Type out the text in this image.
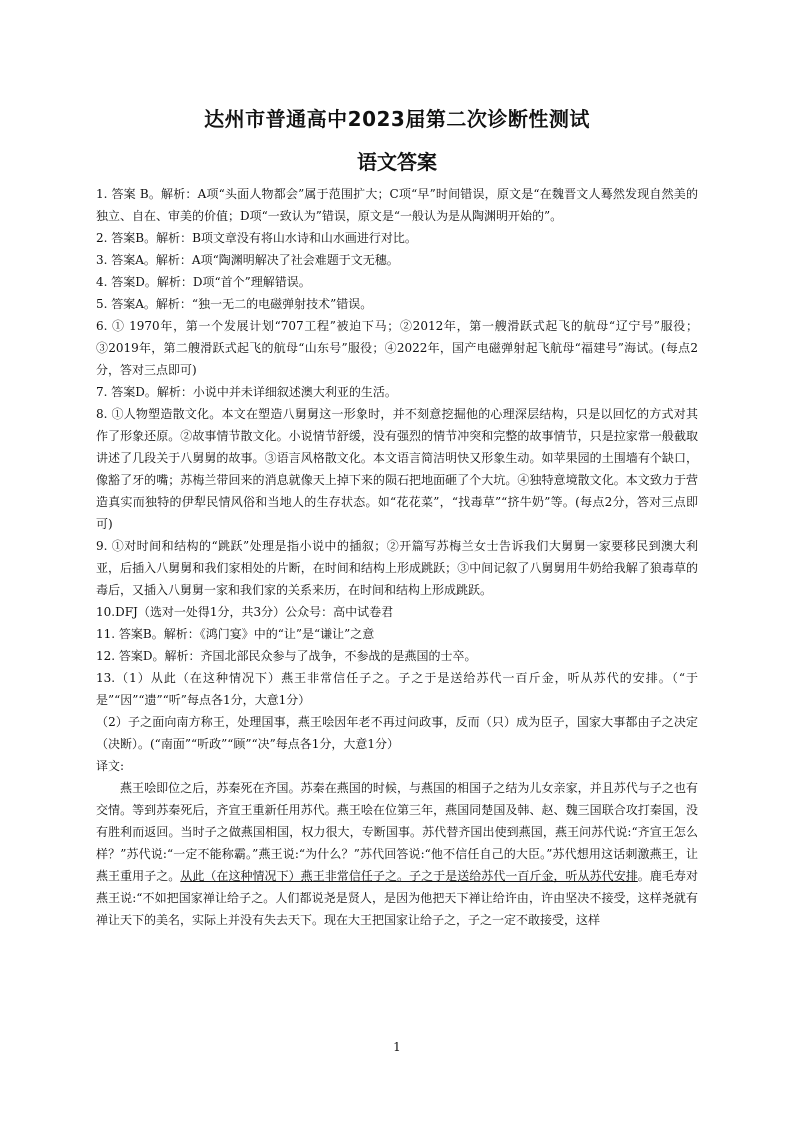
达州市普通高中2023届第二次诊断性测试
语文答案

1. 答案 B。解析：A项“头面人物都会”属于范围扩大；C项“早”时间错误，原文是“在魏晋文人蓦然发现自然美的独立、自在、审美的价值；D项“一致认为”错误，原文是“一般认为是从陶渊明开始的”。

2. 答案B。解析：B项文章没有将山水诗和山水画进行对比。

3. 答案A。解析：A项“陶渊明解决了社会难题于文无穗。

4. 答案D。解析：D项“首个”理解错误。

5. 答案A。解析：“独一无二的电磁弹射技术”错误。

6. ① 1970年，第一个发展计划“707工程”被迫下马；②2012年，第一艘滑跃式起飞的航母“辽宁号”服役；③2019年，第二艘滑跃式起飞的航母“山东号”服役；④2022年，国产电磁弹射起飞航母“福建号”海试。(每点2分，答对三点即可)

7. 答案D。解析：小说中并未详细叙述澳大利亚的生活。

8. ①人物塑造散文化。本文在塑造八舅舅这一形象时，并不刻意挖掘他的心理深层结构，只是以回忆的方式对其作了形象还原。②故事情节散文化。小说情节舒缓，没有强烈的情节冲突和完整的故事情节，只是拉家常一般截取讲述了几段关于八舅舅的故事。③语言风格散文化。本文语言简洁明快又形象生动。如苹果园的土围墙有个缺口，像豁了牙的嘴；苏梅兰带回来的消息就像天上掉下来的陨石把地面砸了个大坑。④独特意境散文化。本文致力于营造真实而独特的伊犁民情风俗和当地人的生存状态。如“花花菜”，“找毒草”“挤牛奶”等。(每点2分，答对三点即可)

9. ①对时间和结构的“跳跃”处理是指小说中的插叙；②开篇写苏梅兰女士告诉我们大舅舅一家要移民到澳大利亚，后插入八舅舅和我们家相处的片断，在时间和结构上形成跳跃；③中间记叙了八舅舅用牛奶给我解了狼毒草的毒后，又插入八舅舅一家和我们家的关系来历，在时间和结构上形成跳跃。

10.DFJ（选对一处得1分，共3分）公众号：高中试卷君

11. 答案B。解析：《鸿门宴》中的“让”是“谦让”之意

12. 答案D。解析：齐国北部民众参与了战争，不参战的是燕国的士卒。

13.（1）从此（在这种情况下）燕王非常信任子之。子之于是送给苏代一百斤金，听从苏代的安排。（“于是”“因”“遗”“听”每点各1分，大意1分）

（2）子之面向南方称王，处理国事，燕王哙因年老不再过问政事，反而（只）成为臣子，国家大事都由子之决定（决断）。(“南面”“听政”“顾”“决”每点各1分，大意1分）

译文:

燕王哙即位之后，苏秦死在齐国。苏秦在燕国的时候，与燕国的相国子之结为儿女亲家，并且苏代与子之也有交情。等到苏秦死后，齐宣王重新任用苏代。燕王哙在位第三年，燕国同楚国及韩、赵、魏三国联合攻打秦国，没有胜利而返回。当时子之做燕国相国，权力很大，专断国事。苏代替齐国出使到燕国，燕王问苏代说:“齐宣王怎么样？”苏代说:“一定不能称霸。”燕王说:“为什么？”苏代回答说:“他不信任自己的大臣。”苏代想用这话刺激燕王，让燕王重用子之。从此（在这种情况下）燕王非常信任子之。子之于是送给苏代一百斤金，听从苏代安排。鹿毛寿对燕王说:“不如把国家禅让给子之。人们都说尧是贤人，是因为他把天下禅让给许由，许由坚决不接受，这样尧就有禅让天下的美名，实际上并没有失去天下。现在大王把国家让给子之，子之一定不敢接受，这样

1
